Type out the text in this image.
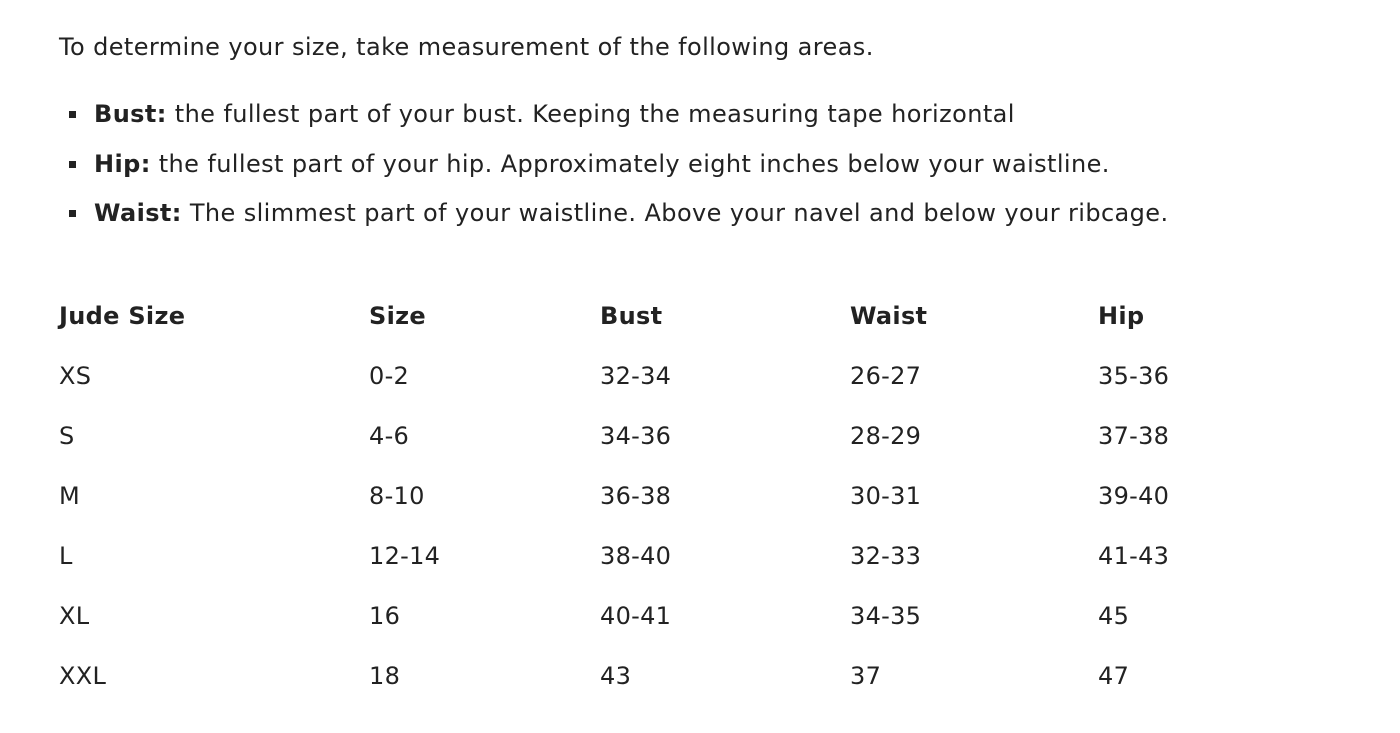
To determine your size, take measurement of the following areas.

Bust: the fullest part of your bust. Keeping the measuring tape horizontal
Hip: the fullest part of your hip. Approximately eight inches below your waistline.
Waist: The slimmest part of your waistline. Above your navel and below your ribcage.
Jude Size	Size	Bust	Waist	Hip
XS	0-2	32-34	26-27	35-36
S	4-6	34-36	28-29	37-38
M	8-10	36-38	30-31	39-40
L	12-14	38-40	32-33	41-43
XL	16	40-41	34-35	45
XXL	18	43	37	47
